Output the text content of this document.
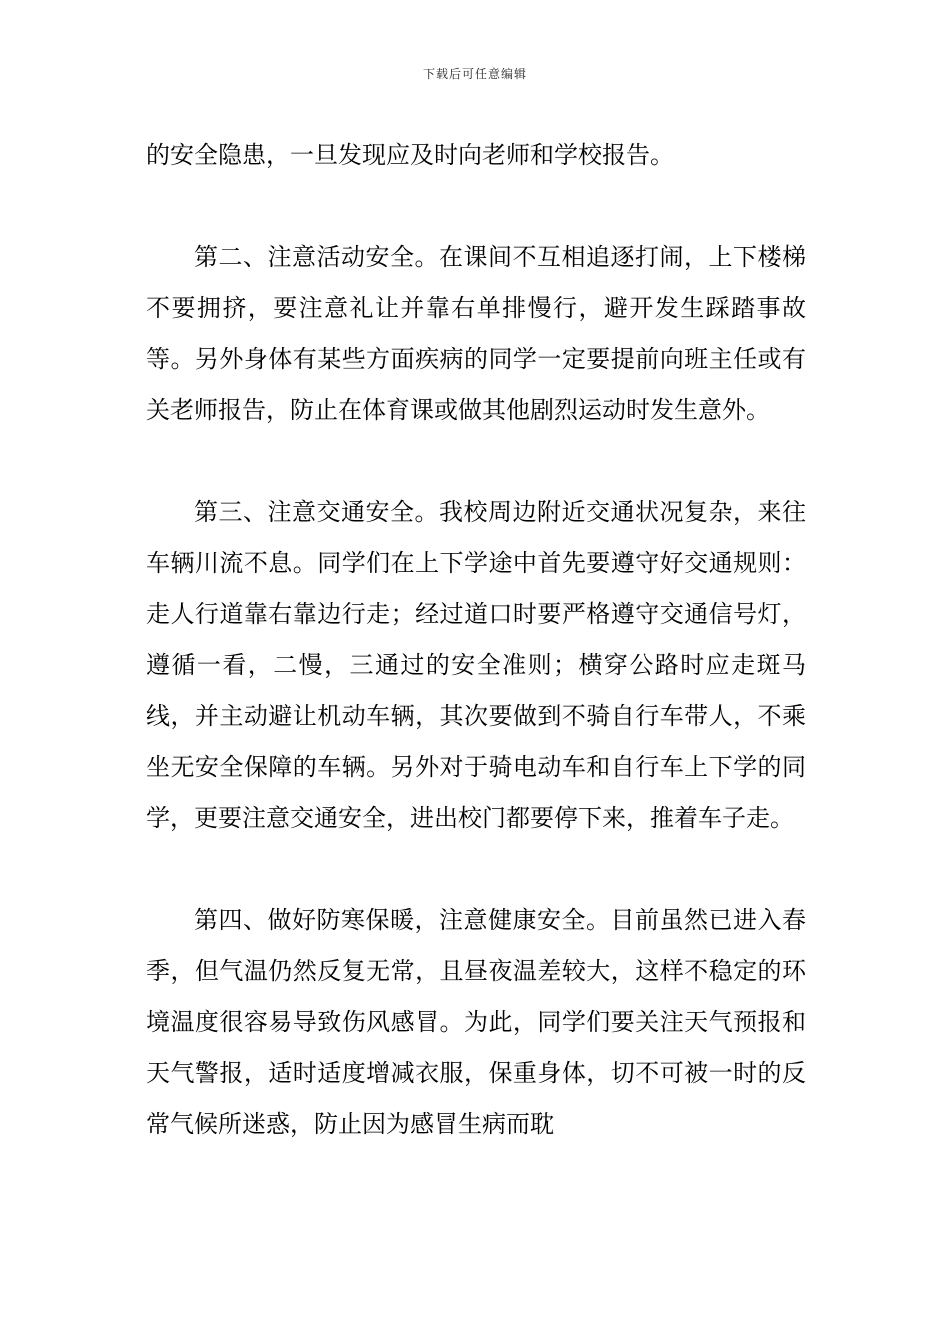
下载后可任意编辑

的安全隐患，一旦发现应及时向老师和学校报告。

第二、注意活动安全。在课间不互相追逐打闹，上下楼梯不要拥挤，要注意礼让并靠右单排慢行，避开发生踩踏事故等。另外身体有某些方面疾病的同学一定要提前向班主任或有关老师报告，防止在体育课或做其他剧烈运动时发生意外。

第三、注意交通安全。我校周边附近交通状况复杂，来往车辆川流不息。同学们在上下学途中首先要遵守好交通规则：走人行道靠右靠边行走；经过道口时要严格遵守交通信号灯，遵循一看，二慢，三通过的安全准则；横穿公路时应走斑马线，并主动避让机动车辆，其次要做到不骑自行车带人，不乘坐无安全保障的车辆。另外对于骑电动车和自行车上下学的同学，更要注意交通安全，进出校门都要停下来，推着车子走。

第四、做好防寒保暖，注意健康安全。目前虽然已进入春季，但气温仍然反复无常，且昼夜温差较大，这样不稳定的环境温度很容易导致伤风感冒。为此，同学们要关注天气预报和天气警报，适时适度增减衣服，保重身体，切不可被一时的反常气候所迷惑，防止因为感冒生病而耽
